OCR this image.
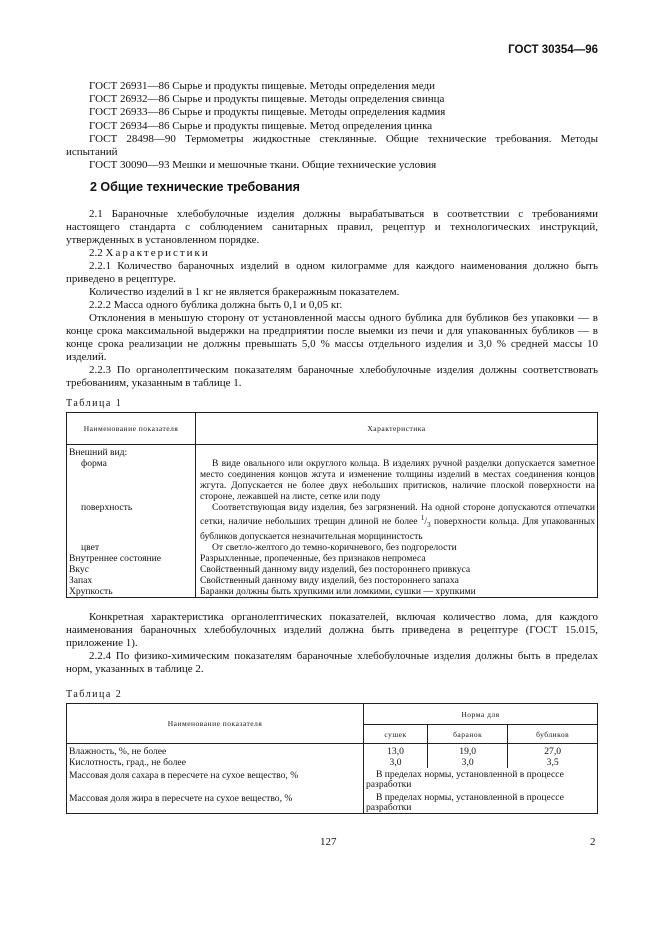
ГОСТ 30354—96
ГОСТ 26931—86 Сырье и продукты пищевые. Методы определения меди
ГОСТ 26932—86 Сырье и продукты пищевые. Методы определения свинца
ГОСТ 26933—86 Сырье и продукты пищевые. Методы определения кадмия
ГОСТ 26934—86 Сырье и продукты пищевые. Метод определения цинка
ГОСТ 28498—90 Термометры жидкостные стеклянные. Общие технические требования. Методы испытаний
ГОСТ 30090—93 Мешки и мешочные ткани. Общие технические условия
2 Общие технические требования

2.1 Бараночные хлебобулочные изделия должны вырабатываться в соответствии с требованиями настоящего стандарта с соблюдением санитарных правил, рецептур и технологических инструкций, утвержденных в установленном порядке.

2.2 Характеристики

2.2.1 Количество бараночных изделий в одном килограмме для каждого наименования должно быть приведено в рецептуре.

Количество изделий в 1 кг не является бракеражным показателем.

2.2.2 Масса одного бублика должна быть 0,1 и 0,05 кг.

Отклонения в меньшую сторону от установленной массы одного бублика для бубликов без упаковки — в конце срока максимальной выдержки на предприятии после выемки из печи и для упакованных бубликов — в конце срока реализации не должны превышать 5,0 % массы отдельного изделия и 3,0 % средней массы 10 изделий.

2.2.3 По органолептическим показателям бараночные хлебобулочные изделия должны соответствовать требованиям, указанным в таблице 1.

Таблица 1
Наименование показателя	Характеристика
Внешний вид:	
форма	В виде овального или округлого кольца. В изделиях ручной разделки допускается заметное место соединения концов жгута и изменение толщины изделий в местах соединения концов жгута. Допускается не более двух небольших притисков, наличие плоской поверхности на стороне, лежавшей на листе, сетке или поду
поверхность	Соответствующая виду изделия, без загрязнений. На одной стороне допускаются отпечатки сетки, наличие небольших трещин длиной не более $^1/_3$ поверхности кольца. Для упакованных бубликов допускается незначительная морщинистость
цвет	От светло-желтого до темно-коричневого, без подгорелости
Внутреннее состояние	Разрыхленные, пропеченные, без признаков непромеса
Вкус	Свойственный данному виду изделий, без постороннего привкуса
Запах	Свойственный данному виду изделий, без постороннего запаха
Хрупкость	Баранки должны быть хрупкими или ломкими, сушки — хрупкими

Конкретная характеристика органолептических показателей, включая количество лома, для каждого наименования бараночных хлебобулочных изделий должна быть приведена в рецептуре (ГОСТ 15.015, приложение 1).

2.2.4 По физико-химическим показателям бараночные хлебобулочные изделия должны быть в пределах норм, указанных в таблице 2.

Таблица 2
Наименование показателя	Норма для		
	сушек	баранок	бубликов
Влажность, %, не более	13,0	19,0	27,0
Кислотность, град., не более	3,0	3,0	3,5
Массовая доля сахара в пересчете на сухое вещество, %	В пределах нормы, установленной в процессе разработки		
Массовая доля жира в пересчете на сухое вещество, %	В пределах нормы, установленной в процессе разработки		
127	2
